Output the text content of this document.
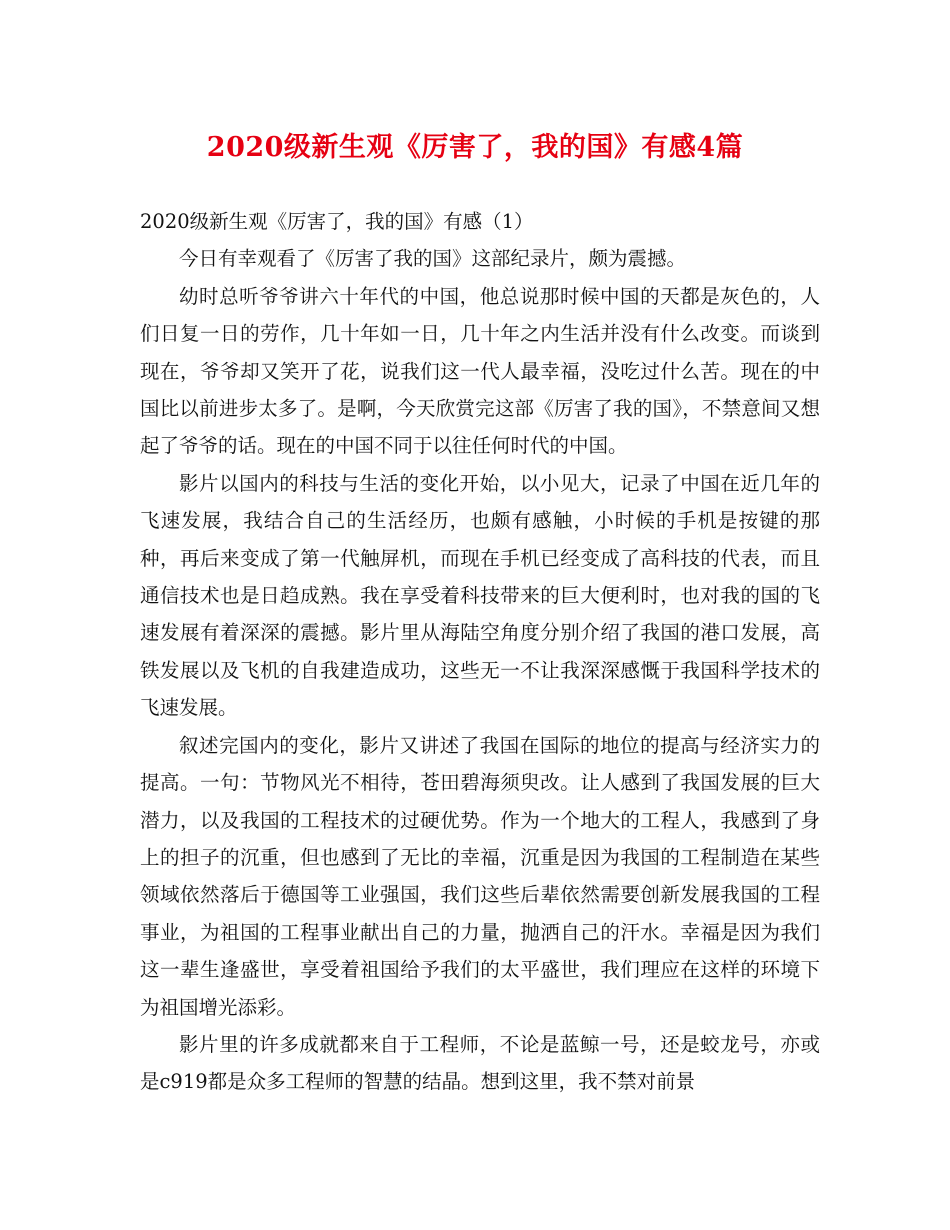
2020级新生观《厉害了，我的国》有感4篇

2020级新生观《厉害了，我的国》有感（1）

今日有幸观看了《厉害了我的国》这部纪录片，颇为震撼。

幼时总听爷爷讲六十年代的中国，他总说那时候中国的天都是灰色的，人们日复一日的劳作，几十年如一日，几十年之内生活并没有什么改变。而谈到现在，爷爷却又笑开了花，说我们这一代人最幸福，没吃过什么苦。现在的中国比以前进步太多了。是啊，今天欣赏完这部《厉害了我的国》，不禁意间又想起了爷爷的话。现在的中国不同于以往任何时代的中国。

影片以国内的科技与生活的变化开始，以小见大，记录了中国在近几年的飞速发展，我结合自己的生活经历，也颇有感触，小时候的手机是按键的那种，再后来变成了第一代触屏机，而现在手机已经变成了高科技的代表，而且通信技术也是日趋成熟。我在享受着科技带来的巨大便利时，也对我的国的飞速发展有着深深的震撼。影片里从海陆空角度分别介绍了我国的港口发展，高铁发展以及飞机的自我建造成功，这些无一不让我深深感慨于我国科学技术的飞速发展。

叙述完国内的变化，影片又讲述了我国在国际的地位的提高与经济实力的提高。一句：节物风光不相待，苍田碧海须臾改。让人感到了我国发展的巨大潜力，以及我国的工程技术的过硬优势。作为一个地大的工程人，我感到了身上的担子的沉重，但也感到了无比的幸福，沉重是因为我国的工程制造在某些领域依然落后于德国等工业强国，我们这些后辈依然需要创新发展我国的工程事业，为祖国的工程事业献出自己的力量，抛洒自己的汗水。幸福是因为我们这一辈生逢盛世，享受着祖国给予我们的太平盛世，我们理应在这样的环境下为祖国增光添彩。

影片里的许多成就都来自于工程师，不论是蓝鲸一号，还是蛟龙号，亦或是c919都是众多工程师的智慧的结晶。想到这里，我不禁对前景
